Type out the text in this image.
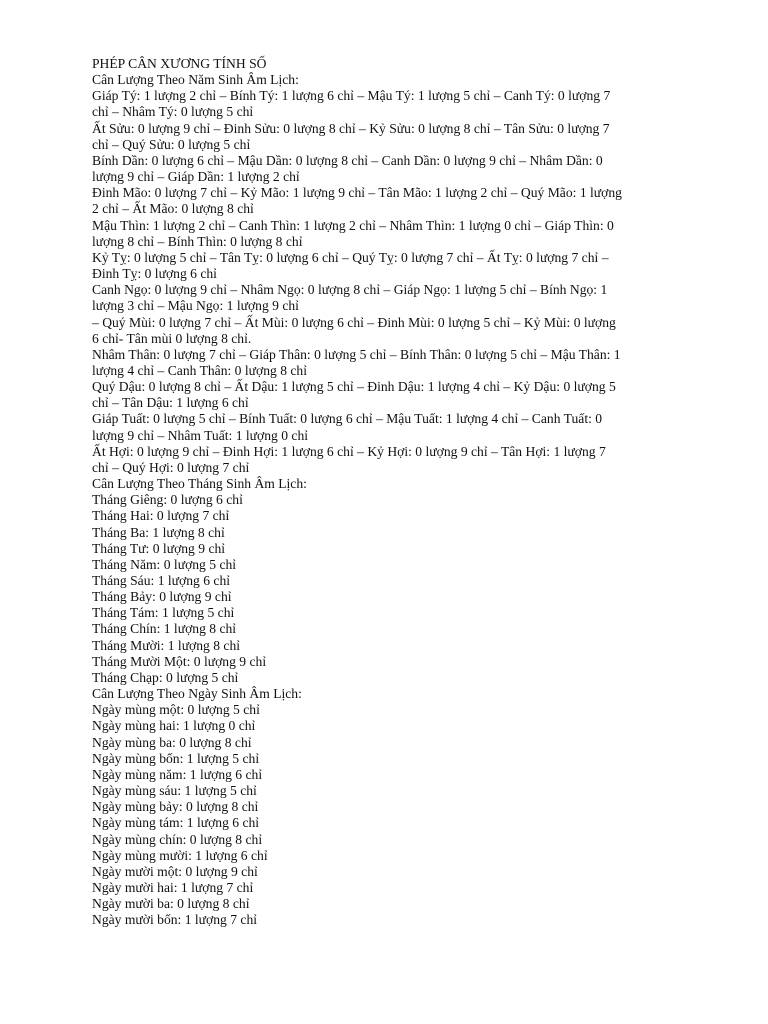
PHÉP CÂN XƯƠNG TÍNH SỐ
Cân Lượng Theo Năm Sinh Âm Lịch:
Giáp Tý: 1 lượng 2 chỉ – Bính Tý: 1 lượng 6 chỉ – Mậu Tý: 1 lượng 5 chỉ – Canh Tý: 0 lượng 7
chỉ – Nhâm Tý: 0 lượng 5 chỉ
Ất Sửu: 0 lượng 9 chỉ – Đinh Sửu: 0 lượng 8 chỉ – Kỷ Sửu: 0 lượng 8 chỉ – Tân Sửu: 0 lượng 7
chỉ – Quý Sửu: 0 lượng 5 chỉ
Bính Dần: 0 lượng 6 chỉ – Mậu Dần: 0 lượng 8 chỉ – Canh Dần: 0 lượng 9 chỉ – Nhâm Dần: 0
lượng 9 chỉ – Giáp Dần: 1 lượng 2 chỉ
Đinh Mão: 0 lượng 7 chỉ – Kỷ Mão: 1 lượng 9 chỉ – Tân Mão: 1 lượng 2 chỉ – Quý Mão: 1 lượng
2 chỉ – Ất Mão: 0 lượng 8 chỉ
Mậu Thìn: 1 lượng 2 chỉ – Canh Thìn: 1 lượng 2 chỉ – Nhâm Thìn: 1 lượng 0 chỉ – Giáp Thìn: 0
lượng 8 chỉ – Bính Thìn: 0 lượng 8 chỉ
Kỷ Tỵ: 0 lượng 5 chỉ – Tân Tỵ: 0 lượng 6 chỉ – Quý Tỵ: 0 lượng 7 chỉ – Ất Tỵ: 0 lượng 7 chỉ –
Đinh Tỵ: 0 lượng 6 chỉ
Canh Ngọ: 0 lượng 9 chỉ – Nhâm Ngọ: 0 lượng 8 chỉ – Giáp Ngọ: 1 lượng 5 chỉ – Bính Ngọ: 1
lượng 3 chỉ – Mậu Ngọ: 1 lượng 9 chỉ
– Quý Mùi: 0 lượng 7 chỉ – Ất Mùi: 0 lượng 6 chỉ – Đinh Mùi: 0 lượng 5 chỉ – Kỷ Mùi: 0 lượng
6 chỉ- Tân mùi 0 lượng 8 chỉ.
Nhâm Thân: 0 lượng 7 chỉ – Giáp Thân: 0 lượng 5 chỉ – Bính Thân: 0 lượng 5 chỉ – Mậu Thân: 1
lượng 4 chỉ – Canh Thân: 0 lượng 8 chỉ
Quý Dậu: 0 lượng 8 chỉ – Ất Dậu: 1 lượng 5 chỉ – Đinh Dậu: 1 lượng 4 chỉ – Kỷ Dậu: 0 lượng 5
chỉ – Tân Dậu: 1 lượng 6 chỉ
Giáp Tuất: 0 lượng 5 chỉ – Bính Tuất: 0 lượng 6 chỉ – Mậu Tuất: 1 lượng 4 chỉ – Canh Tuất: 0
lượng 9 chỉ – Nhâm Tuất: 1 lượng 0 chỉ
Ất Hợi: 0 lượng 9 chỉ – Đinh Hợi: 1 lượng 6 chỉ – Kỷ Hợi: 0 lượng 9 chỉ – Tân Hợi: 1 lượng 7
chỉ – Quý Hợi: 0 lượng 7 chỉ
Cân Lượng Theo Tháng Sinh Âm Lịch:
Tháng Giêng: 0 lượng 6 chỉ
Tháng Hai: 0 lượng 7 chỉ
Tháng Ba: 1 lượng 8 chỉ
Tháng Tư: 0 lượng 9 chỉ
Tháng Năm: 0 lượng 5 chỉ
Tháng Sáu: 1 lượng 6 chỉ
Tháng Bảy: 0 lượng 9 chỉ
Tháng Tám: 1 lượng 5 chỉ
Tháng Chín: 1 lượng 8 chỉ
Tháng Mười: 1 lượng 8 chỉ
Tháng Mười Một: 0 lượng 9 chỉ
Tháng Chạp: 0 lượng 5 chỉ
Cân Lượng Theo Ngày Sinh Âm Lịch:
Ngày mùng một: 0 lượng 5 chỉ
Ngày mùng hai: 1 lượng 0 chỉ
Ngày mùng ba: 0 lượng 8 chỉ
Ngày mùng bốn: 1 lượng 5 chỉ
Ngày mùng năm: 1 lượng 6 chỉ
Ngày mùng sáu: 1 lượng 5 chỉ
Ngày mùng bảy: 0 lượng 8 chỉ
Ngày mùng tám: 1 lượng 6 chỉ
Ngày mùng chín: 0 lượng 8 chỉ
Ngày mùng mười: 1 lượng 6 chỉ
Ngày mười một: 0 lượng 9 chỉ
Ngày mười hai: 1 lượng 7 chỉ
Ngày mười ba: 0 lượng 8 chỉ
Ngày mười bốn: 1 lượng 7 chỉ
